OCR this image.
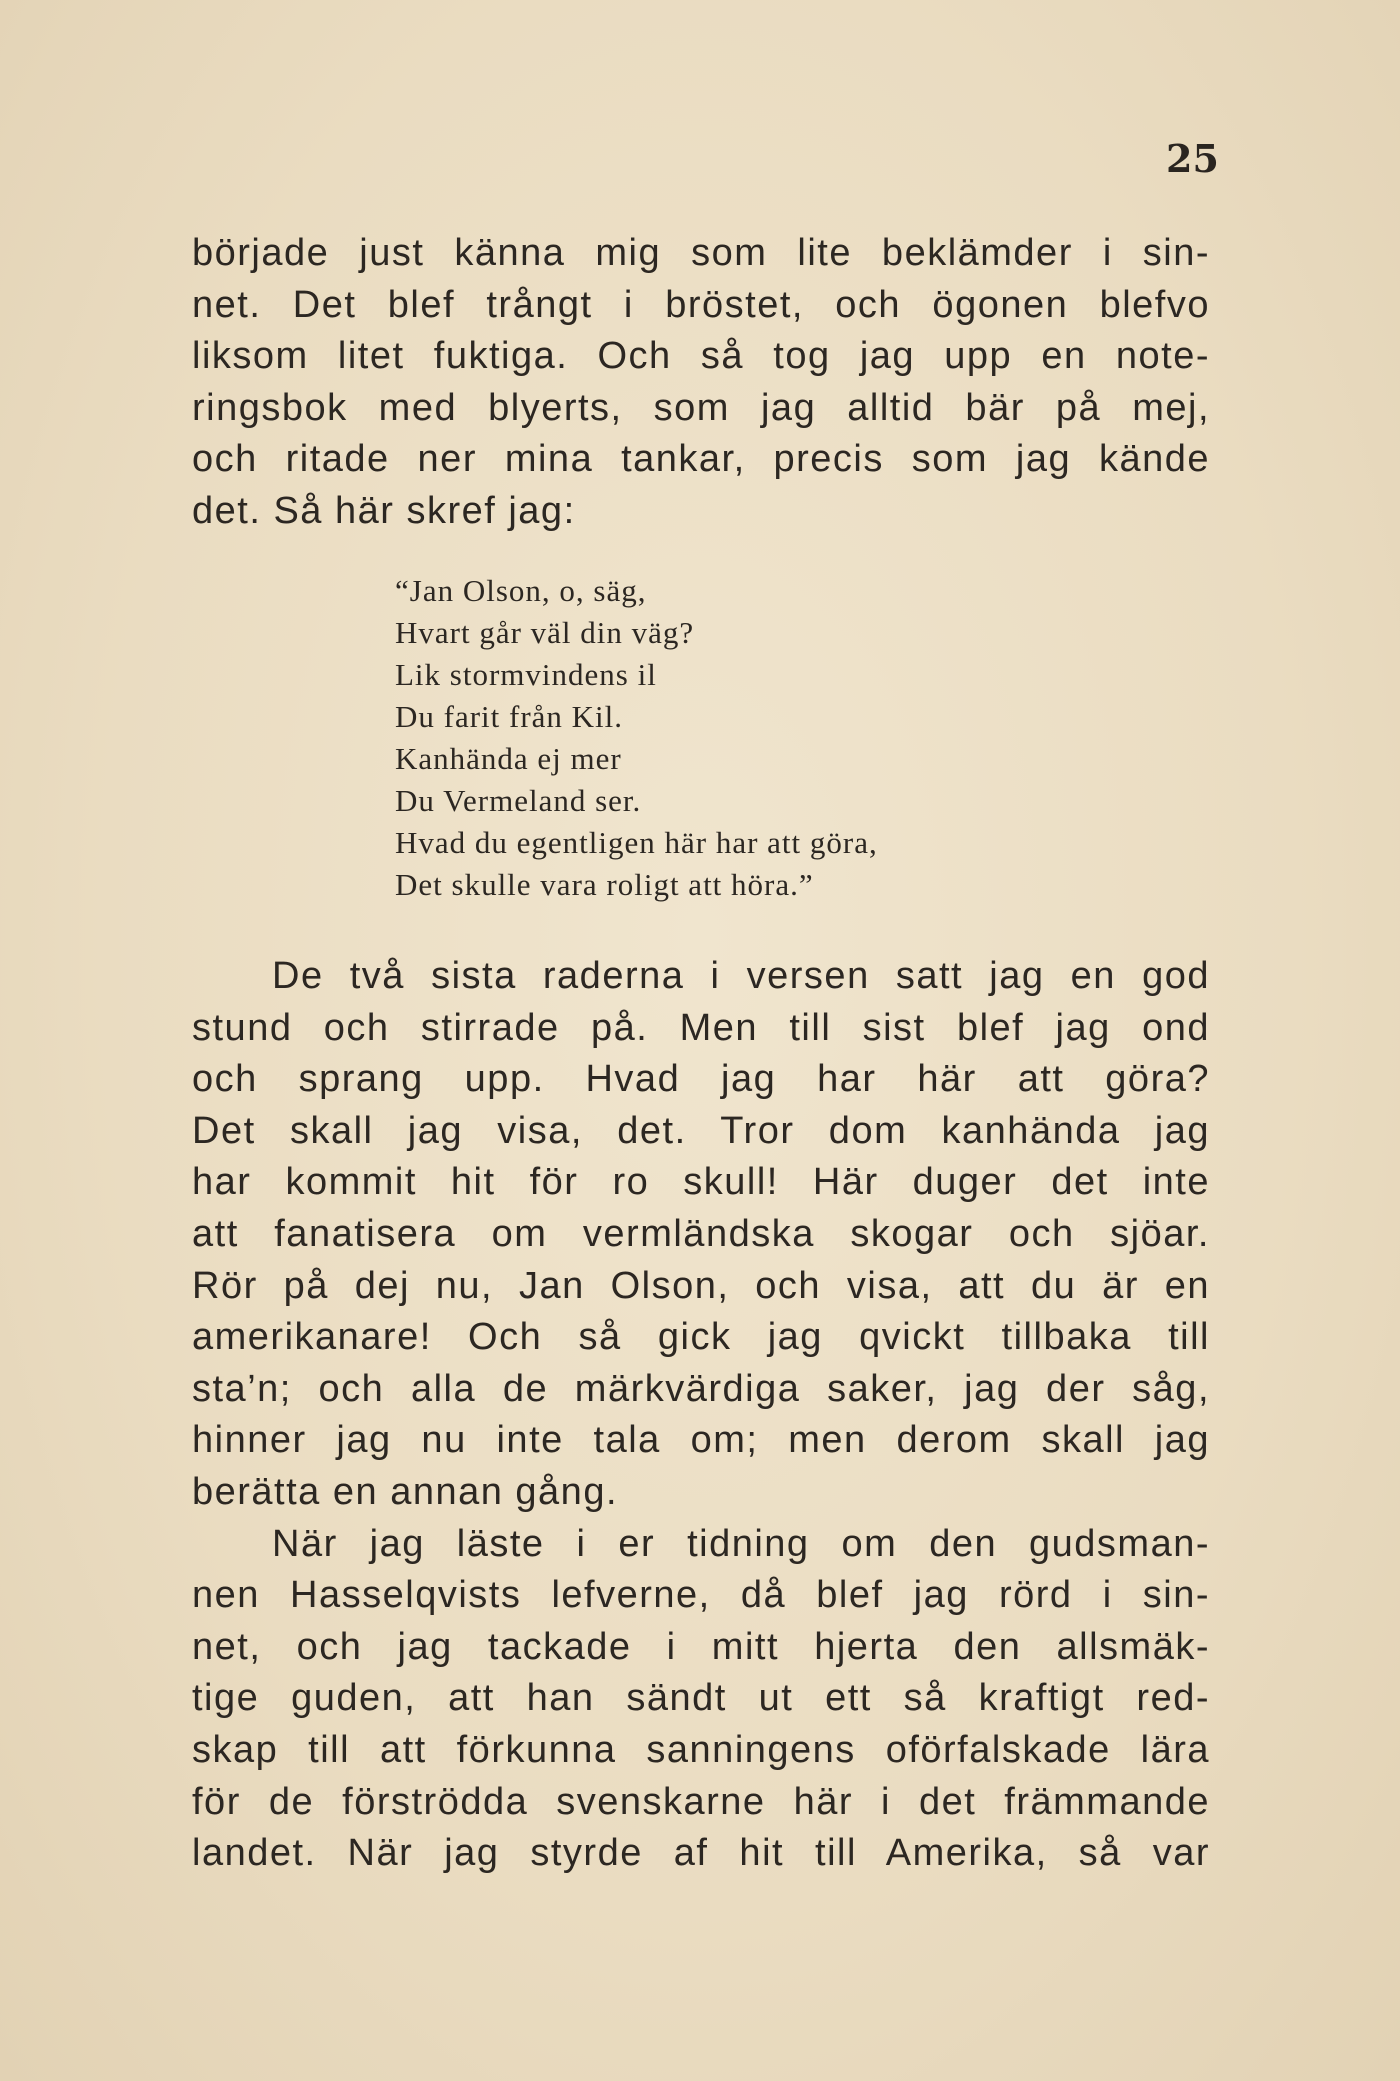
25
började just känna mig som lite beklämder i sin-
net. Det blef trångt i bröstet, och ögonen blefvo
liksom litet fuktiga. Och så tog jag upp en note-
ringsbok med blyerts, som jag alltid bär på mej,
och ritade ner mina tankar, precis som jag kände
det. Så här skref jag:
“Jan Olson, o, säg,
Hvart går väl din väg?
Lik stormvindens il
Du farit från Kil.
Kanhända ej mer
Du Vermeland ser.
Hvad du egentligen här har att göra,
Det skulle vara roligt att höra.”
De två sista raderna i versen satt jag en god
stund och stirrade på. Men till sist blef jag ond
och sprang upp. Hvad jag har här att göra?
Det skall jag visa, det. Tror dom kanhända jag
har kommit hit för ro skull! Här duger det inte
att fanatisera om vermländska skogar och sjöar.
Rör på dej nu, Jan Olson, och visa, att du är en
amerikanare! Och så gick jag qvickt tillbaka till
sta’n; och alla de märkvärdiga saker, jag der såg,
hinner jag nu inte tala om; men derom skall jag
berätta en annan gång.
När jag läste i er tidning om den gudsman-
nen Hasselqvists lefverne, då blef jag rörd i sin-
net, och jag tackade i mitt hjerta den allsmäk-
tige guden, att han sändt ut ett så kraftigt red-
skap till att förkunna sanningens oförfalskade lära
för de förströdda svenskarne här i det främmande
landet. När jag styrde af hit till Amerika, så var
